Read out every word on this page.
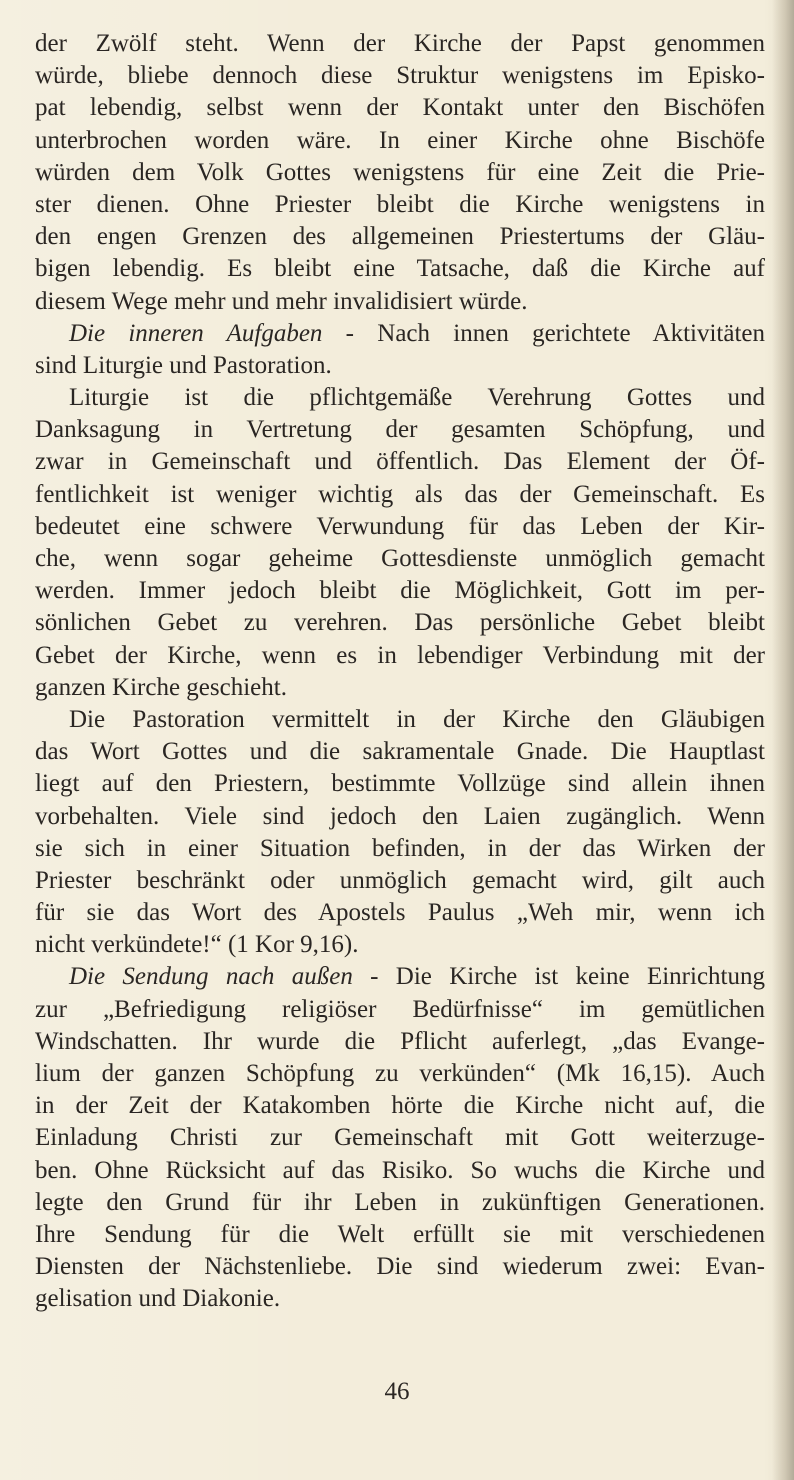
der Zwölf steht. Wenn der Kirche der Papst genommen
würde, bliebe dennoch diese Struktur wenigstens im Episko-
pat lebendig, selbst wenn der Kontakt unter den Bischöfen
unterbrochen worden wäre. In einer Kirche ohne Bischöfe
würden dem Volk Gottes wenigstens für eine Zeit die Prie-
ster dienen. Ohne Priester bleibt die Kirche wenigstens in
den engen Grenzen des allgemeinen Priestertums der Gläu-
bigen lebendig. Es bleibt eine Tatsache, daß die Kirche auf
diesem Wege mehr und mehr invalidisiert würde.
Die inneren Aufgaben - Nach innen gerichtete Aktivitäten
sind Liturgie und Pastoration.
Liturgie ist die pflichtgemäße Verehrung Gottes und
Danksagung in Vertretung der gesamten Schöpfung, und
zwar in Gemeinschaft und öffentlich. Das Element der Öf-
fentlichkeit ist weniger wichtig als das der Gemeinschaft. Es
bedeutet eine schwere Verwundung für das Leben der Kir-
che, wenn sogar geheime Gottesdienste unmöglich gemacht
werden. Immer jedoch bleibt die Möglichkeit, Gott im per-
sönlichen Gebet zu verehren. Das persönliche Gebet bleibt
Gebet der Kirche, wenn es in lebendiger Verbindung mit der
ganzen Kirche geschieht.
Die Pastoration vermittelt in der Kirche den Gläubigen
das Wort Gottes und die sakramentale Gnade. Die Hauptlast
liegt auf den Priestern, bestimmte Vollzüge sind allein ihnen
vorbehalten. Viele sind jedoch den Laien zugänglich. Wenn
sie sich in einer Situation befinden, in der das Wirken der
Priester beschränkt oder unmöglich gemacht wird, gilt auch
für sie das Wort des Apostels Paulus „Weh mir, wenn ich
nicht verkündete!“ (1 Kor 9,16).
Die Sendung nach außen - Die Kirche ist keine Einrichtung
zur „Befriedigung religiöser Bedürfnisse“ im gemütlichen
Windschatten. Ihr wurde die Pflicht auferlegt, „das Evange-
lium der ganzen Schöpfung zu verkünden“ (Mk 16,15). Auch
in der Zeit der Katakomben hörte die Kirche nicht auf, die
Einladung Christi zur Gemeinschaft mit Gott weiterzuge-
ben. Ohne Rücksicht auf das Risiko. So wuchs die Kirche und
legte den Grund für ihr Leben in zukünftigen Generationen.
Ihre Sendung für die Welt erfüllt sie mit verschiedenen
Diensten der Nächstenliebe. Die sind wiederum zwei: Evan-
gelisation und Diakonie.
46
